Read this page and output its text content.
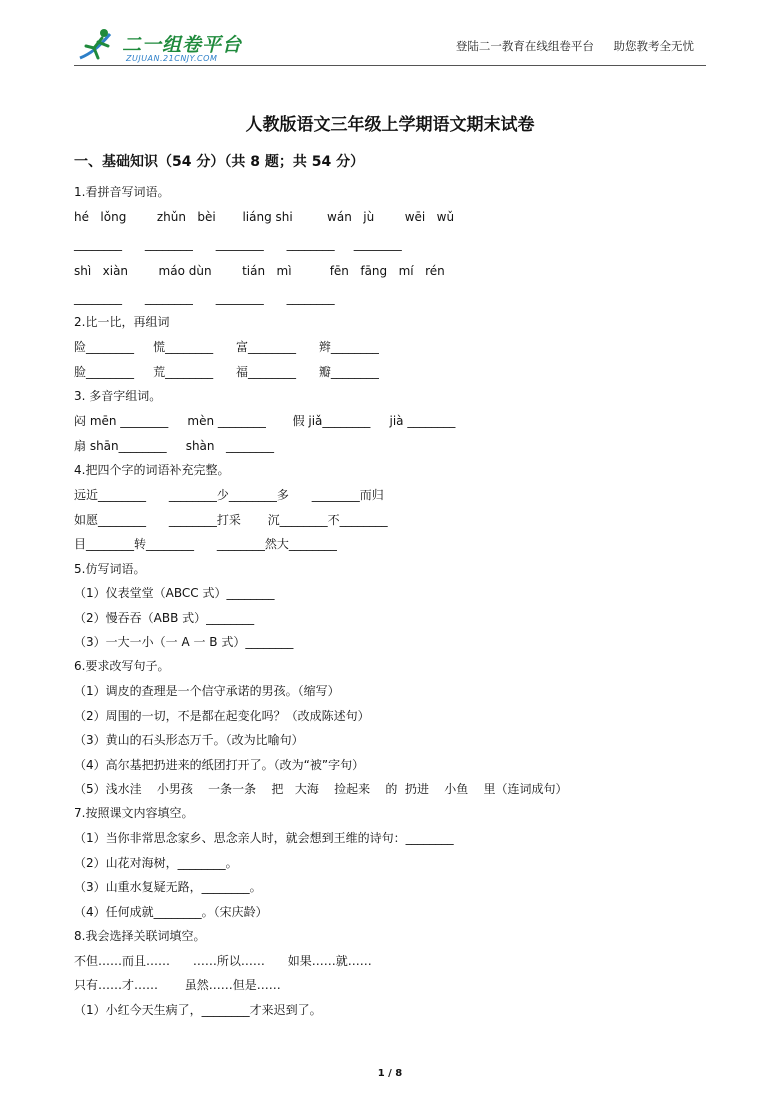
二一组卷平台
ZUJUAN.21CNJY.COM
登陆二一教育在线组卷平台 助您教考全无忧
人教版语文三年级上学期语文期末试卷
一、基础知识（54 分）（共 8 题；共 54 分）
1.看拼音写词语。
hé   lǒng        zhǔn   bèi       liáng shi         wán   jù        wēi   wǔ
________      ________      ________      ________     ________
shì   xiàn        máo dùn        tián   mì          fēn   fāng   mí   rén
________      ________      ________      ________
2.比一比，再组词
险________     慌________      富________      辫________
脸________     荒________      福________      瓣________
3. 多音字组词。
闷 mēn ________     mèn ________       假 jiǎ________     jià ________
扇 shān________     shàn   ________
4.把四个字的词语补充完整。
远近________      ________少________多      ________而归
如愿________      ________打采       沉________不________
目________转________      ________然大________
5.仿写词语。
（1）仪表堂堂（ABCC 式）________
（2）慢吞吞（ABB 式）________
（3）一大一小（一 A 一 B 式）________
6.要求改写句子。
（1）调皮的查理是一个信守承诺的男孩。（缩写）
（2）周围的一切，不是都在起变化吗？（改成陈述句）
（3）黄山的石头形态万千。（改为比喻句）
（4）高尔基把扔进来的纸团打开了。（改为“被”字句）
（5）浅水洼    小男孩    一条一条    把   大海    捡起来    的  扔进    小鱼    里（连词成句）
7.按照课文内容填空。
（1）当你非常思念家乡、思念亲人时，就会想到王维的诗句：________
（2）山花对海树，________。
（3）山重水复疑无路，________。
（4）任何成就________。（宋庆龄）
8.我会选择关联词填空。
不但……而且……      ……所以……      如果……就……
只有……才……       虽然……但是……
（1）小红今天生病了，________才来迟到了。
1 / 8
